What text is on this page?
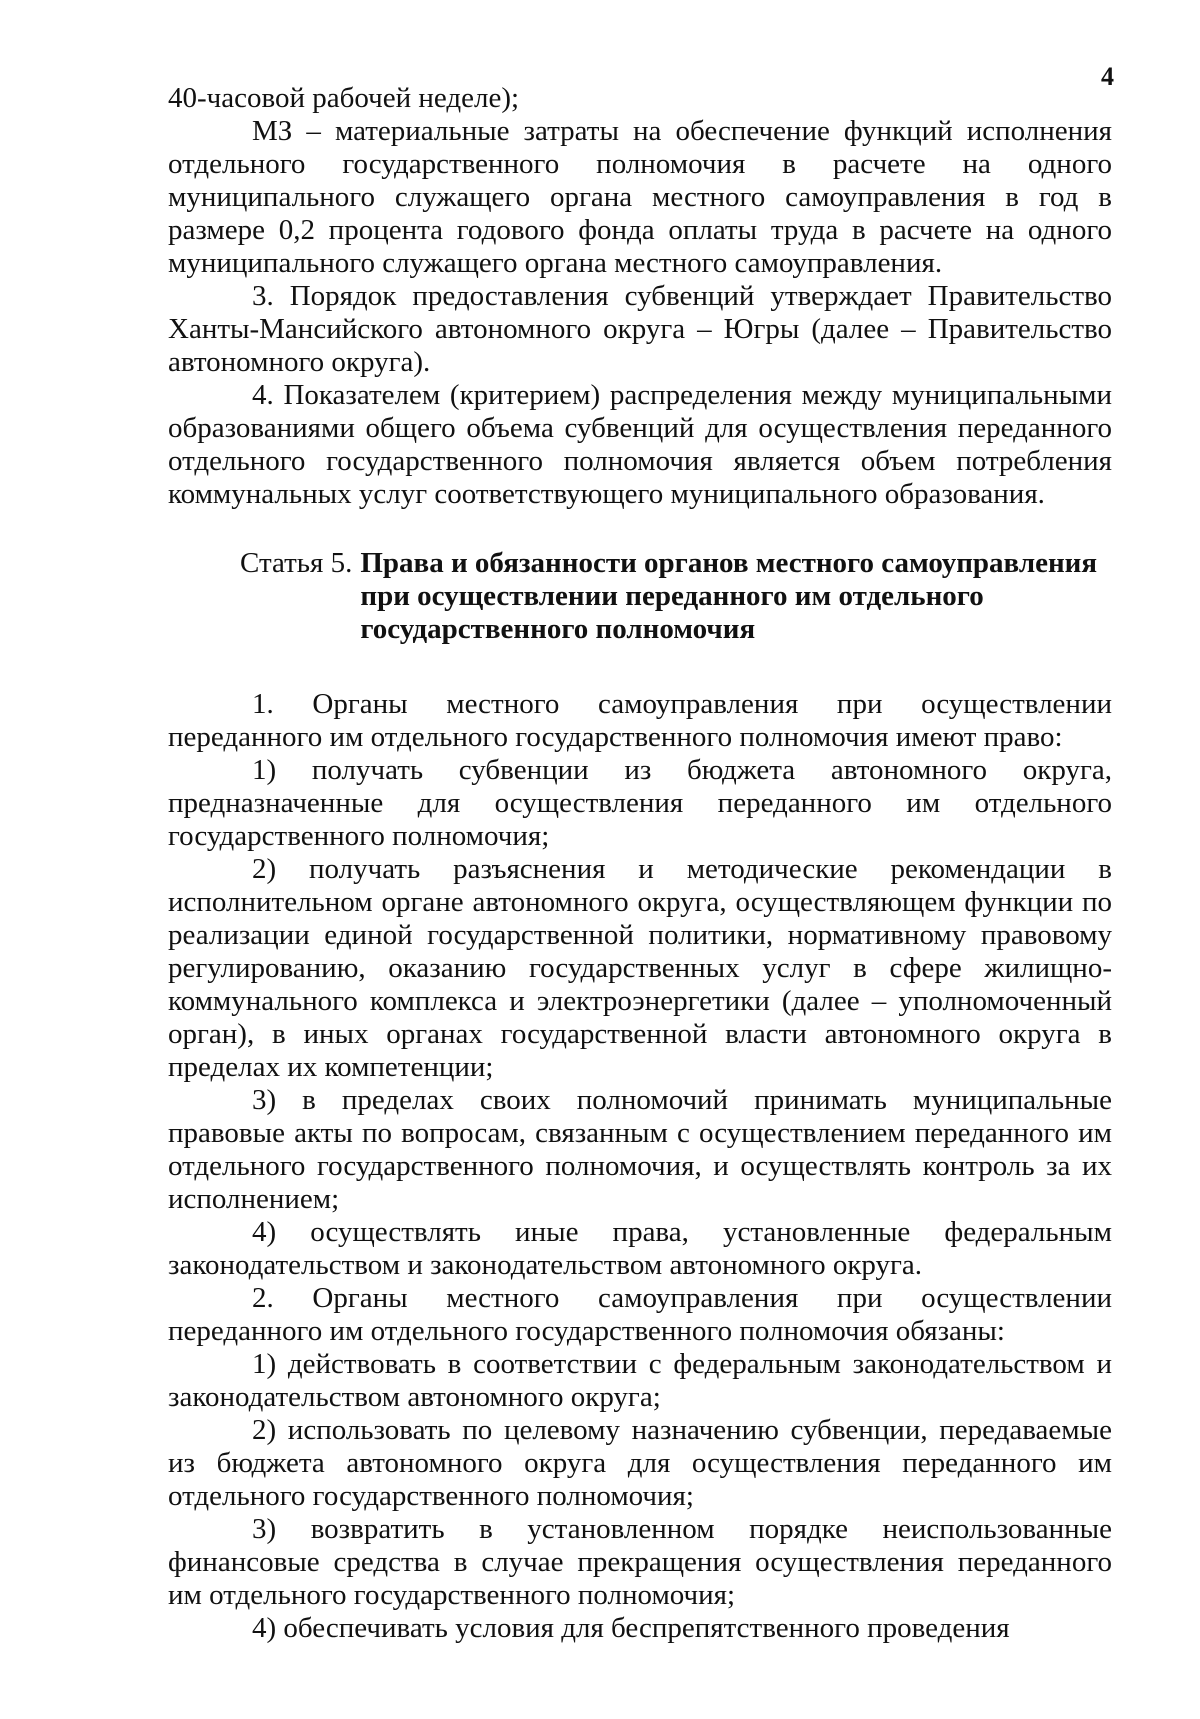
4

40-часовой рабочей неделе);

МЗ – материальные затраты на обеспечение функций исполнения отдельного государственного полномочия в расчете на одного муниципального служащего органа местного самоуправления в год в размере 0,2 процента годового фонда оплаты труда в расчете на одного муниципального служащего органа местного самоуправления.

3. Порядок предоставления субвенций утверждает Правительство Ханты-Мансийского автономного округа – Югры (далее – Правительство автономного округа).

4. Показателем (критерием) распределения между муниципальными образованиями общего объема субвенций для осуществления переданного отдельного государственного полномочия является объем потребления коммунальных услуг соответствующего муниципального образования.

Статья 5. Права и обязанности органов местного самоуправления при осуществлении переданного им отдельного государственного полномочия

1. Органы местного самоуправления при осуществлении переданного им отдельного государственного полномочия имеют право:

1) получать субвенции из бюджета автономного округа, предназначенные для осуществления переданного им отдельного государственного полномочия;

2) получать разъяснения и методические рекомендации в исполнительном органе автономного округа, осуществляющем функции по реализации единой государственной политики, нормативному правовому регулированию, оказанию государственных услуг в сфере жилищно-коммунального комплекса и электроэнергетики (далее – уполномоченный орган), в иных органах государственной власти автономного округа в пределах их компетенции;

3) в пределах своих полномочий принимать муниципальные правовые акты по вопросам, связанным с осуществлением переданного им отдельного государственного полномочия, и осуществлять контроль за их исполнением;

4) осуществлять иные права, установленные федеральным законодательством и законодательством автономного округа.

2. Органы местного самоуправления при осуществлении переданного им отдельного государственного полномочия обязаны:

1) действовать в соответствии с федеральным законодательством и законодательством автономного округа;

2) использовать по целевому назначению субвенции, передаваемые из бюджета автономного округа для осуществления переданного им отдельного государственного полномочия;

3) возвратить в установленном порядке неиспользованные финансовые средства в случае прекращения осуществления переданного им отдельного государственного полномочия;

4) обеспечивать условия для беспрепятственного проведения
